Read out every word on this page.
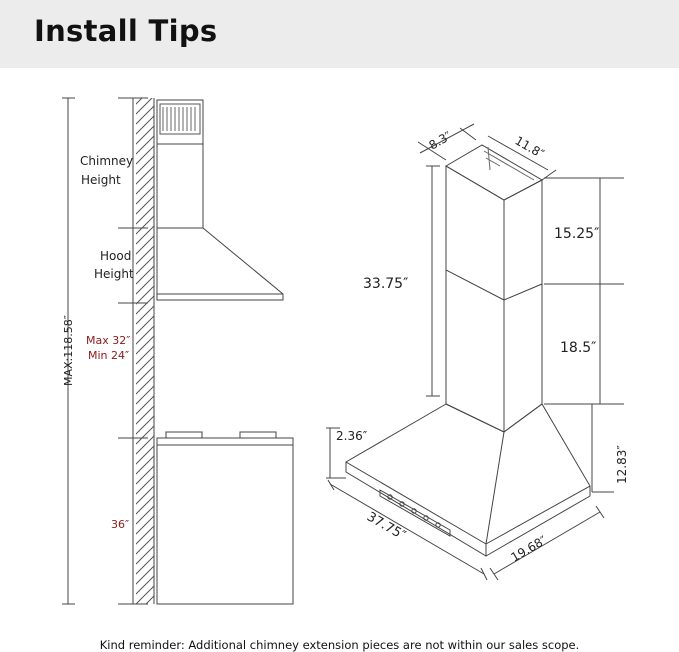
Install Tips
Chimney
Height
Hood
Height
Max 32″
Min 24″
36″
MAX:118.58″
8.3″	11.8″
15.25″
33.75″
18.5″
2.36″
12.83″
37.75″
19.68″
Kind reminder: Additional chimney extension pieces are not within our sales scope.
